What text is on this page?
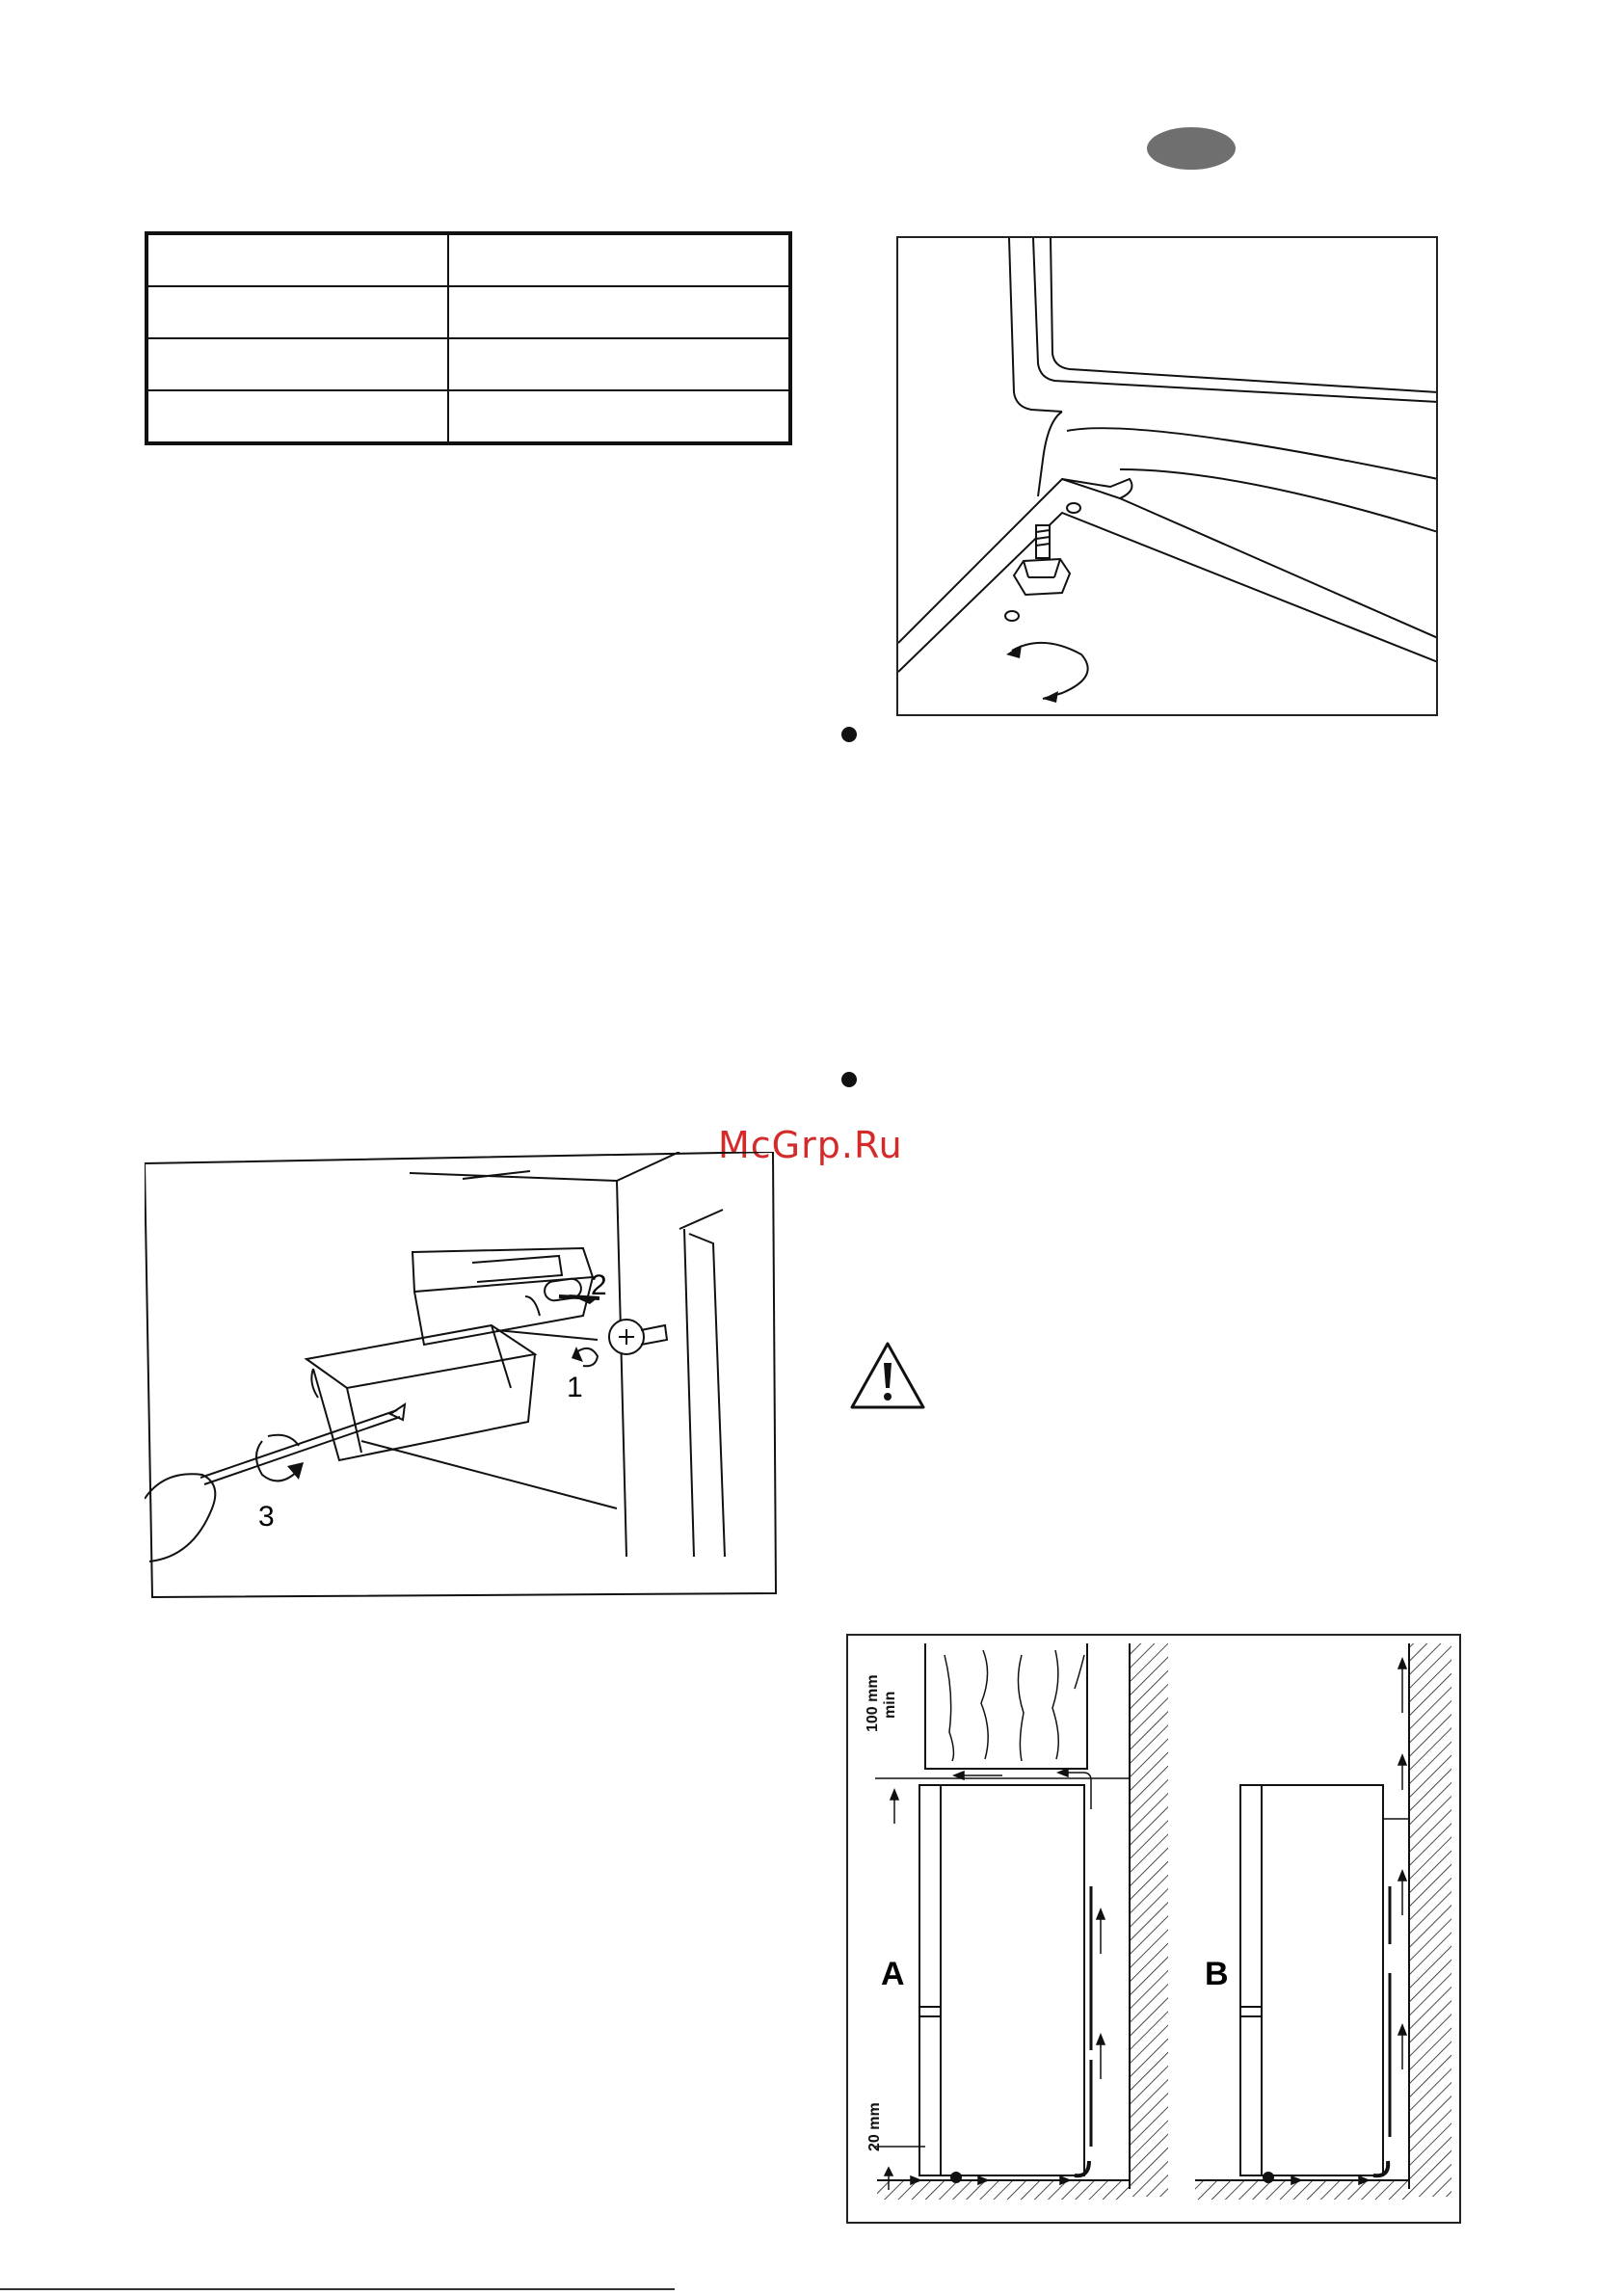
McGrp.Ru
2
1
3
100 mm min
20 mm
A	B
